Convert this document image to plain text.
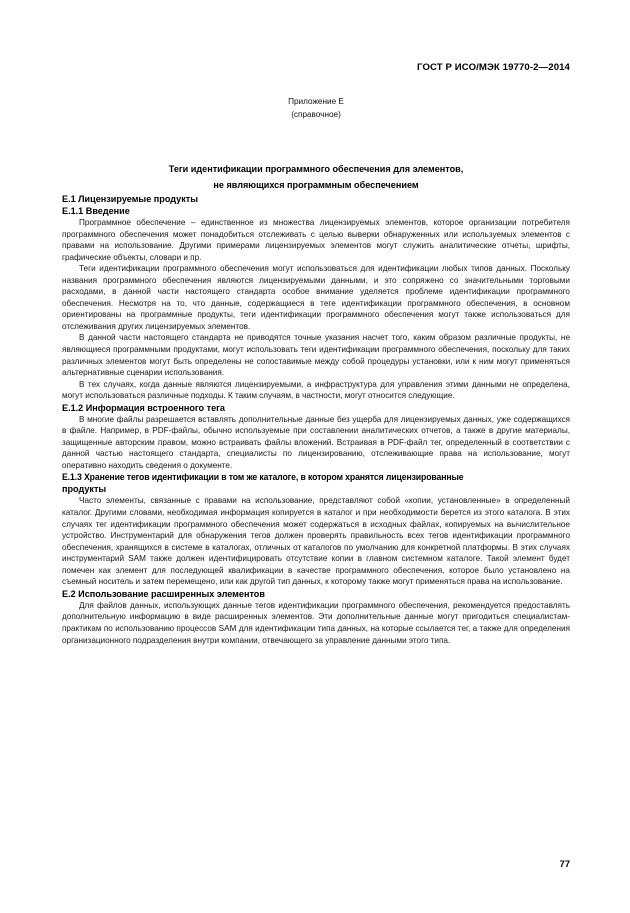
ГОСТ Р ИСО/МЭК 19770-2—2014
Приложение Е
(справочное)
Теги идентификации программного обеспечения для элементов,
не являющихся программным обеспечением
Е.1 Лицензируемые продукты
Е.1.1 Введение

Программное обеспечение – единственное из множества лицензируемых элементов, которое организации потребителя программного обеспечения может понадобиться отслеживать с целью выверки обнаруженных или используемых элементов с правами на использование. Другими примерами лицензируемых элементов могут служить аналитические отчеты, шрифты, графические объекты, словари и пр.

Теги идентификации программного обеспечения могут использоваться для идентификации любых типов данных. Поскольку названия программного обеспечения являются лицензируемыми данными, и это сопряжено со значительными торговыми расходами, в данной части настоящего стандарта особое внимание уделяется проблеме идентификации программного обеспечения. Несмотря на то, что данные, содержащиеся в теге идентификации программного обеспечения, в основном ориентированы на программные продукты, теги идентификации программного обеспечения могут также использоваться для отслеживания других лицензируемых элементов.

В данной части настоящего стандарта не приводятся точные указания насчет того, каким образом различные продукты, не являющиеся программными продуктами, могут использовать теги идентификации программного обеспечения, поскольку для таких различных элементов могут быть определены не сопоставимые между собой процедуры установки, или к ним могут применяться альтернативные сценарии использования.

В тех случаях, когда данные являются лицензируемыми, а инфраструктура для управления этими данными не определена, могут использоваться различные подходы. К таким случаям, в частности, могут относится следующие.

Е.1.2 Информация встроенного тега

В многие файлы разрешается вставлять дополнительные данные без ущерба для лицензируемых данных, уже содержащихся в файле. Например, в PDF-файлы, обычно используемые при составлении аналитических отчетов, а также в другие материалы, защищенные авторским правом, можно встраивать файлы вложений. Встраивая в PDF-файл тег, определенный в соответствии с данной частью настоящего стандарта, специалисты по лицензированию, отслеживающие права на использование, могут оперативно находить сведения о документе.

Е.1.3 Хранение тегов идентификации в том же каталоге, в котором хранятся лицензированные
продукты

Часто элементы, связанные с правами на использование, представляют собой «копии, установленные» в определенный каталог. Другими словами, необходимая информация копируется в каталог и при необходимости берется из этого каталога. В этих случаях тег идентификации программного обеспечения может содержаться в исходных файлах, копируемых на вычислительное устройство. Инструментарий для обнаружения тегов должен проверять правильность всех тегов идентификации программного обеспечения, хранящихся в системе в каталогах, отличных от каталогов по умолчанию для конкретной платформы. В этих случаях инструментарий SAM также должен идентифицировать отсутствие копии в главном системном каталоге. Такой элемент будет помечен как элемент для последующей квалификации в качестве программного обеспечения, которое было установлено на съемный носитель и затем перемещено, или как другой тип данных, к которому также могут применяться права на использование.

Е.2 Использование расширенных элементов

Для файлов данных, использующих данные тегов идентификации программного обеспечения, рекомендуется предоставлять дополнительную информацию в виде расширенных элементов. Эти дополнительные данные могут пригодиться специалистам-практикам по использованию процессов SAM для идентификации типа данных, на которые ссылается тег, а также для определения организационного подразделения внутри компании, отвечающего за управление данными этого типа.

77
